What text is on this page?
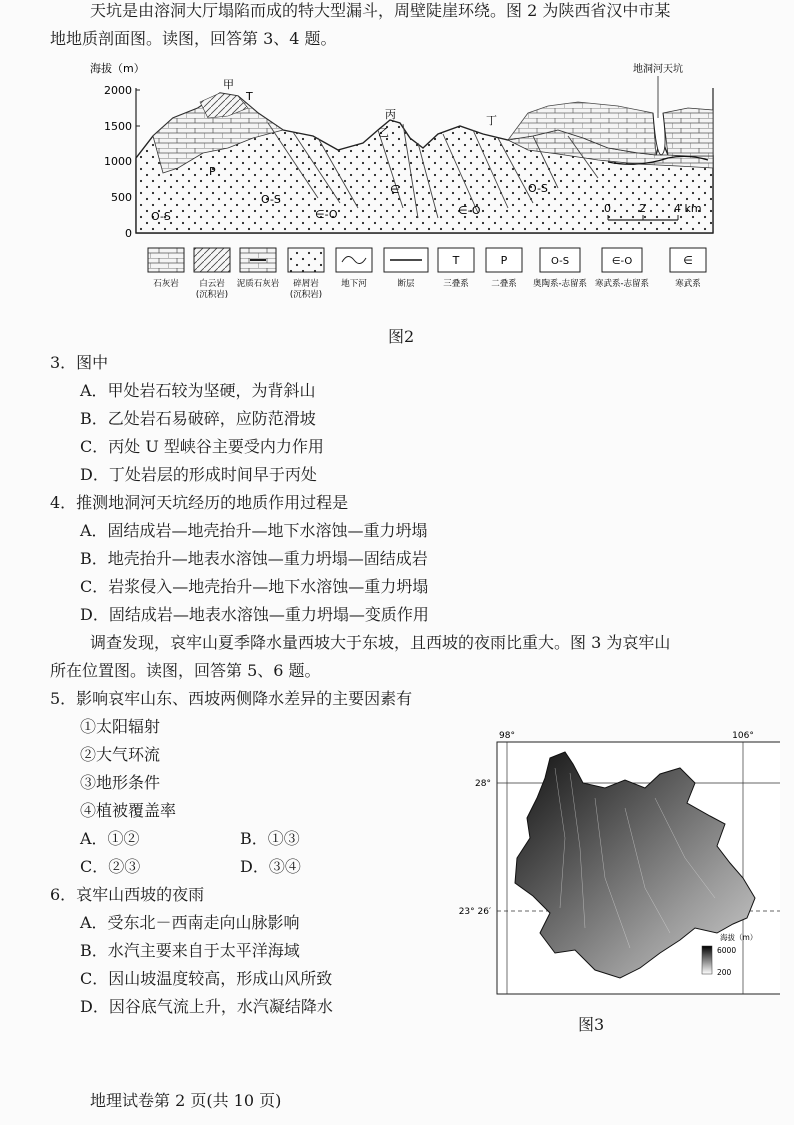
天坑是由溶洞大厅塌陷而成的特大型漏斗，周壁陡崖环绕。图 2 为陕西省汉中市某
地地质剖面图。读图，回答第 3、4 题。
海拔（m）
2000
1500
1000
500
0
地洞河天坑
甲
T
乙
丙	丁
P
O-S
O-S
∈-O
∈
∈-O
O-S
0	2	4 km
石灰岩 白云岩
(沉积岩)
泥质石灰岩 碎屑岩
(沉积岩)
地下河	断层
T
三叠系
P
二叠系
O-S
奥陶系-志留系
∈-O
寒武系-志留系
∈
寒武系
图2
3．图中
A．甲处岩石较为坚硬，为背斜山
B．乙处岩石易破碎，应防范滑坡
C．丙处 U 型峡谷主要受内力作用
D．丁处岩层的形成时间早于丙处
4．推测地洞河天坑经历的地质作用过程是
A．固结成岩—地壳抬升—地下水溶蚀—重力坍塌
B．地壳抬升—地表水溶蚀—重力坍塌—固结成岩
C．岩浆侵入—地壳抬升—地下水溶蚀—重力坍塌
D．固结成岩—地表水溶蚀—重力坍塌—变质作用
调查发现，哀牢山夏季降水量西坡大于东坡，且西坡的夜雨比重大。图 3 为哀牢山
所在位置图。读图，回答第 5、6 题。
5．影响哀牢山东、西坡两侧降水差异的主要因素有
①太阳辐射
②大气环流
③地形条件
④植被覆盖率
A．①②	B．①③
C．②③	D．③④
6．哀牢山西坡的夜雨
A．受东北－西南走向山脉影响
B．水汽主要来自于太平洋海域
C．因山坡温度较高，形成山风所致
D．因谷底气流上升，水汽凝结降水
98°	106°
28°
23° 26′
海拔（m）
6000
200
图3
地理试卷第 2 页(共 10 页)
